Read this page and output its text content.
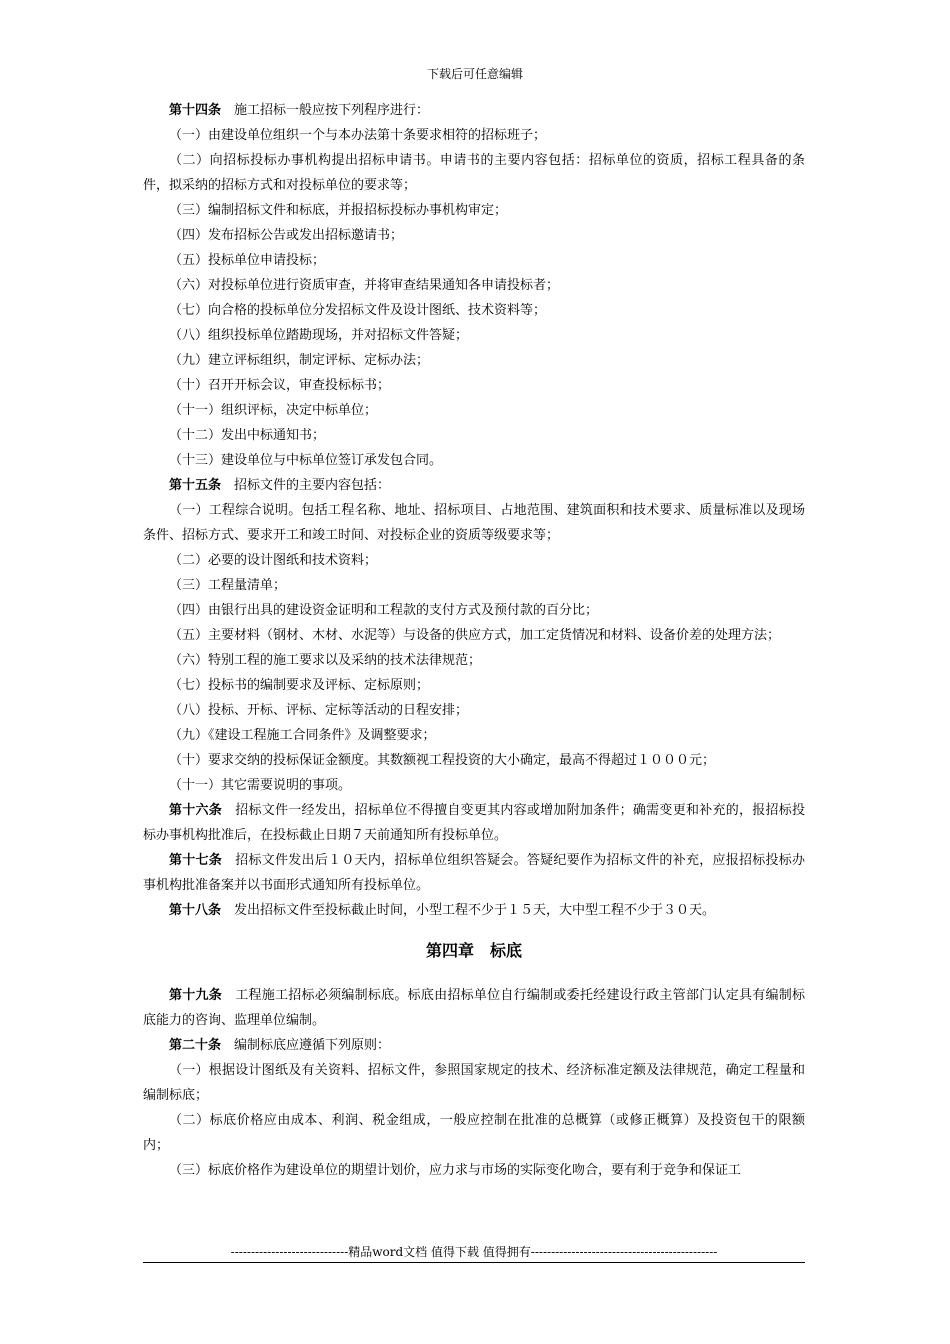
下载后可任意编辑

第十四条　施工招标一般应按下列程序进行：

（一）由建设单位组织一个与本办法第十条要求相符的招标班子；

（二）向招标投标办事机构提出招标申请书。申请书的主要内容包括：招标单位的资质，招标工程具备的条件，拟采纳的招标方式和对投标单位的要求等；

（三）编制招标文件和标底，并报招标投标办事机构审定；

（四）发布招标公告或发出招标邀请书；

（五）投标单位申请投标；

（六）对投标单位进行资质审查，并将审查结果通知各申请投标者；

（七）向合格的投标单位分发招标文件及设计图纸、技术资料等；

（八）组织投标单位踏勘现场，并对招标文件答疑；

（九）建立评标组织，制定评标、定标办法；

（十）召开开标会议，审查投标标书；

（十一）组织评标，决定中标单位；

（十二）发出中标通知书；

（十三）建设单位与中标单位签订承发包合同。

第十五条　招标文件的主要内容包括：

（一）工程综合说明。包括工程名称、地址、招标项目、占地范围、建筑面积和技术要求、质量标准以及现场条件、招标方式、要求开工和竣工时间、对投标企业的资质等级要求等；

（二）必要的设计图纸和技术资料；

（三）工程量清单；

（四）由银行出具的建设资金证明和工程款的支付方式及预付款的百分比；

（五）主要材料（钢材、木材、水泥等）与设备的供应方式，加工定货情况和材料、设备价差的处理方法；

（六）特别工程的施工要求以及采纳的技术法律规范；

（七）投标书的编制要求及评标、定标原则；

（八）投标、开标、评标、定标等活动的日程安排；

（九）《建设工程施工合同条件》及调整要求；

（十）要求交纳的投标保证金额度。其数额视工程投资的大小确定，最高不得超过１０００元；

（十一）其它需要说明的事项。

第十六条　招标文件一经发出，招标单位不得擅自变更其内容或增加附加条件；确需变更和补充的，报招标投标办事机构批准后，在投标截止日期７天前通知所有投标单位。

第十七条　招标文件发出后１０天内，招标单位组织答疑会。答疑纪要作为招标文件的补充，应报招标投标办事机构批准备案并以书面形式通知所有投标单位。

第十八条　发出招标文件至投标截止时间，小型工程不少于１５天，大中型工程不少于３０天。

第四章　标底

第十九条　工程施工招标必须编制标底。标底由招标单位自行编制或委托经建设行政主管部门认定具有编制标底能力的咨询、监理单位编制。

第二十条　编制标底应遵循下列原则：

（一）根据设计图纸及有关资料、招标文件，参照国家规定的技术、经济标准定额及法律规范，确定工程量和编制标底；

（二）标底价格应由成本、利润、税金组成，一般应控制在批准的总概算（或修正概算）及投资包干的限额内；

（三）标底价格作为建设单位的期望计划价，应力求与市场的实际变化吻合，要有利于竞争和保证工

-----------------------------精品word文档 值得下载 值得拥有----------------------------------------------
